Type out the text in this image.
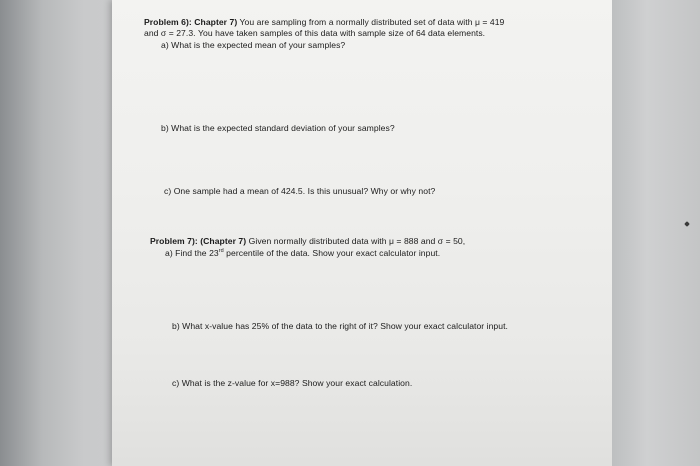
Problem 6): Chapter 7) You are sampling from a normally distributed set of data with μ = 419
and σ = 27.3. You have taken samples of this data with sample size of 64 data elements.
a) What is the expected mean of your samples?
b) What is the expected standard deviation of your samples?
c) One sample had a mean of 424.5. Is this unusual? Why or why not?
Problem 7): (Chapter 7) Given normally distributed data with μ = 888 and σ = 50,
a) Find the 23rd percentile of the data. Show your exact calculator input.
b) What x-value has 25% of the data to the right of it? Show your exact calculator input.
c) What is the z-value for x=988? Show your exact calculation.
